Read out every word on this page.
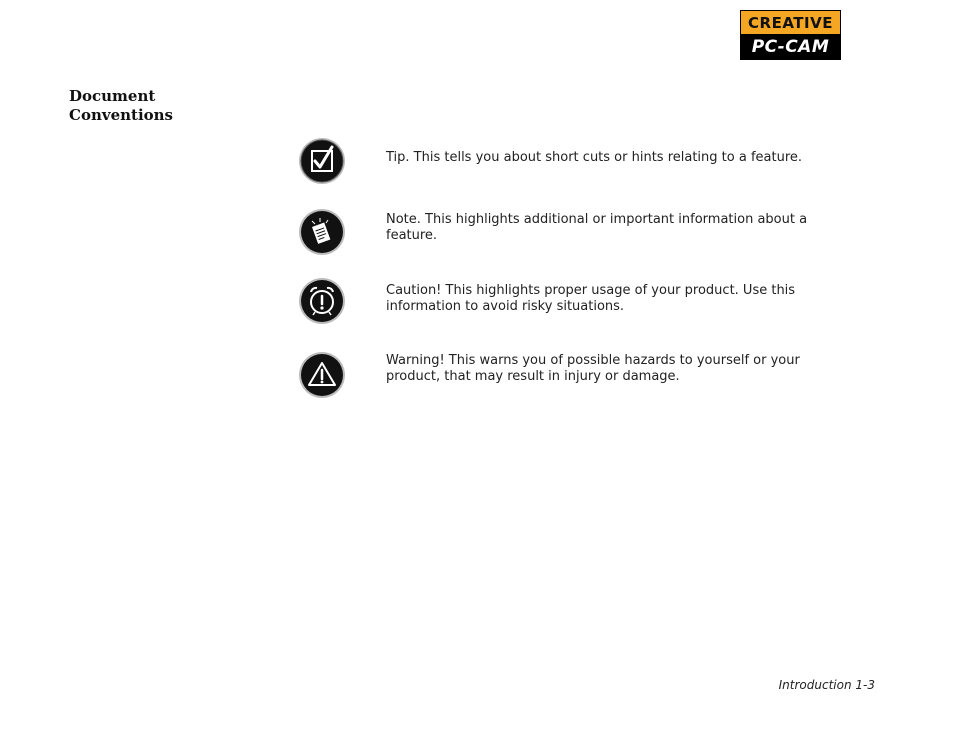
CREATIVE
PC-CAM
Document
Conventions
Tip. This tells you about short cuts or hints relating to a feature.
Note. This highlights additional or important information about a feature.
Caution! This highlights proper usage of your product. Use this information to avoid risky situations.
Warning! This warns you of possible hazards to yourself or your product, that may result in injury or damage.
Introduction 1-3
